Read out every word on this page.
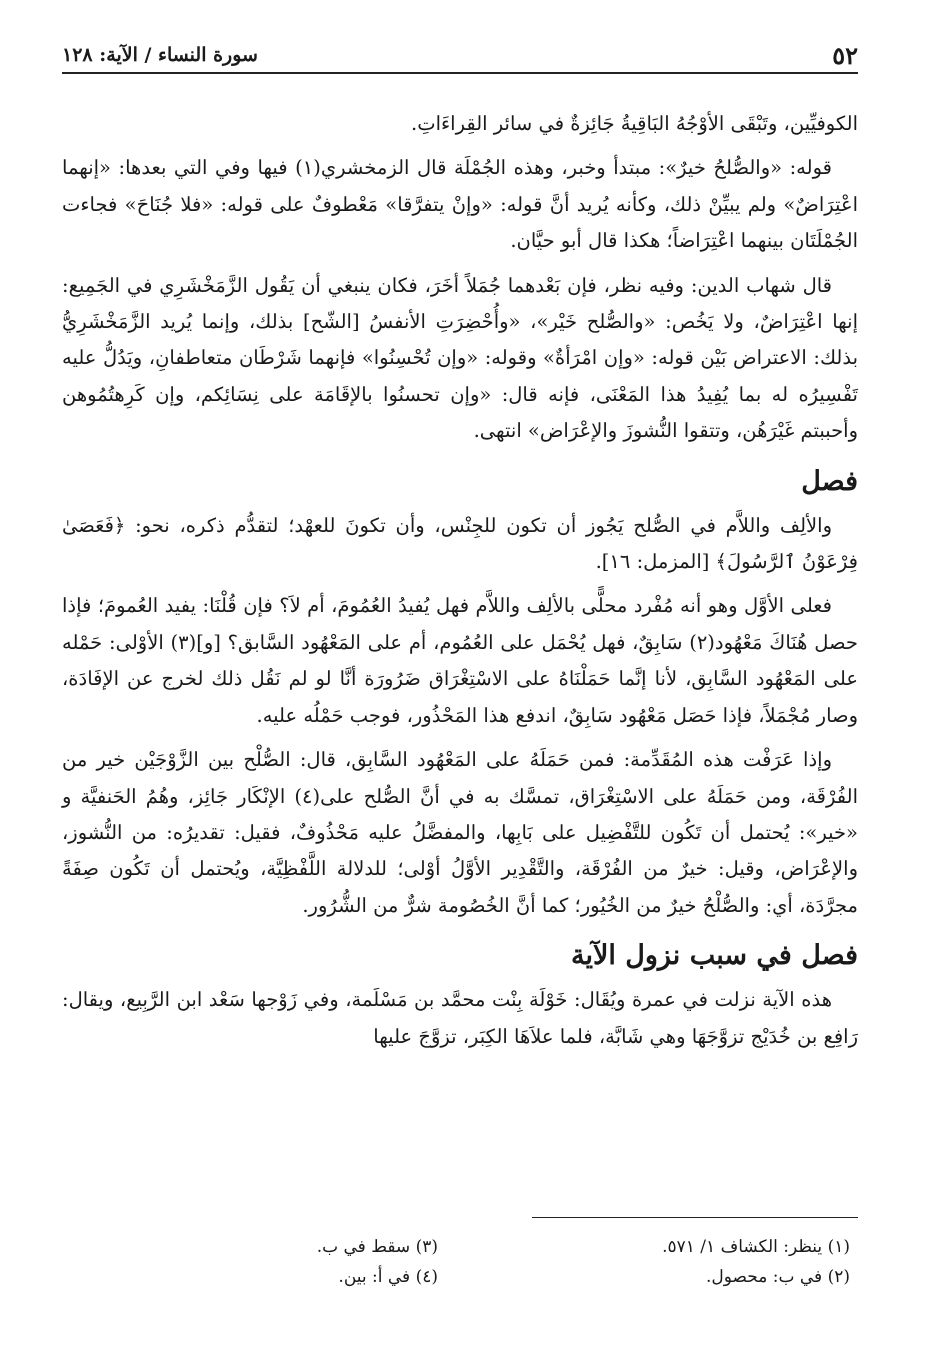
٥٢
سورة النساء / الآية: ١٢٨

الكوفيِّين، وتَبْقَى الأوْجُهُ البَاقِيةُ جَائِزةٌ في سائر القِراءَاتِ.

قوله: «والصُّلحُ خيرٌ»: مبتدأ وخبر، وهذه الجُمْلَة قال الزمخشري(١) فيها وفي التي بعدها: «إنهما اعْتِرَاضٌ» ولم يبيِّنْ ذلك، وكأنه يُريد أنَّ قوله: «وإنْ يتفرَّقا» مَعْطوفٌ على قوله: «فلا جُنَاحَ» فجاءت الجُمْلَتَان بينهما اعْتِرَاضاً؛ هكذا قال أبو حيَّان.

قال شهاب الدين: وفيه نظر، فإن بَعْدهما جُمَلاً أخَرَ، فكان ينبغي أن يَقُول الزَّمَخْشَرِي في الجَمِيع: إنها اعْتِرَاضٌ، ولا يَخُص: «والصُّلح خَيْر»، «وأُحْضِرَتِ الأنفسُ [الشّح] بذلك، وإنما يُريد الزَّمَخْشَرِيُّ بذلك: الاعتراض بَيْن قوله: «وإن امْرَأةٌ» وقوله: «وإن تُحْسِنُوا» فإنهما شَرْطَان متعاطفانِ، ويَدُلُّ عليه تَفْسِيرُه له بما يُفِيدُ هذا المَعْنَى، فإنه قال: «وإن تحسنُوا بالإقَامَة على نِسَائِكم، وإن كَرِهتُمُوهن وأحببتم غَيْرَهُن، وتتقوا النُّشوزَ والإعْرَاض» انتهى.

فصل

والألِف واللاَّم في الصُّلح يَجُوز أن تكون للجِنْس، وأن تكونَ للعهْد؛ لتقدُّم ذكره، نحو: ﴿فَعَصَىٰ فِرْعَوْنُ ٱلرَّسُولَ﴾ [المزمل: ١٦].

فعلى الأوَّل وهو أنه مُفْرد محلًّى بالألِف واللاَّم فهل يُفيدُ العُمُومَ، أم لاَ؟ فإن قُلْنَا: يفيد العُمومَ؛ فإذا حصل هُنَاكَ مَعْهُود(٢) سَابِقٌ، فهل يُحْمَل على العُمُوم، أم على المَعْهُود السَّابق؟ [و](٣) الأوْلى: حَمْله على المَعْهُود السَّابِق، لأنا إنَّما حَمَلْنَاهُ على الاسْتِغْرَاق ضَرُورَة أنَّا لو لم نَقُل ذلك لخرج عن الإفَادَة، وصار مُجْمَلاً، فإذا حَصَل مَعْهُود سَابِقٌ، اندفع هذا المَحْذُور، فوجب حَمْلُه عليه.

وإذا عَرَفْت هذه المُقَدِّمة: فمن حَمَلَهُ على المَعْهُود السَّابِق، قال: الصُّلْح بين الزَّوْجَيْن خير من الفُرْقَة، ومن حَمَلَهُ على الاسْتِغْرَاق، تمسَّك به في أنَّ الصُّلح على(٤) الإنْكَار جَائِز، وهُمُ الحَنفيَّة و «خير»: يُحتمل أن تَكُون للتَّفْضِيل على بَابِها، والمفضَّلُ عليه مَحْذُوفٌ، فقيل: تقديرُه: من النُّشوز، والإعْرَاض، وقيل: خيرٌ من الفُرْقَة، والتَّقْدِير الأوَّلُ أوْلى؛ للدلالة اللَّفْظِيَّة، ويُحتمل أن تَكُون صِفَةً مجرَّدَة، أي: والصُّلْحُ خيرٌ من الخُيُور؛ كما أنَّ الخُصُومة شرٌّ من الشُّرُور.

فصل في سبب نزول الآية

هذه الآية نزلت في عمرة ويُقَال: خَوْلَة بِنْت محمَّد بن مَسْلَمة، وفي زَوْجها سَعْد ابن الرَّبِيع، ويقال: رَافِع بن خُدَيْج تزوَّجَهَا وهي شَابَّة، فلما علاَهَا الكِبَر، تزوَّجَ عليها

(١) ينظر: الكشاف ١/ ٥٧١.
(٢) في ب: محصول.
(٣) سقط في ب.
(٤) في أ: بين.
